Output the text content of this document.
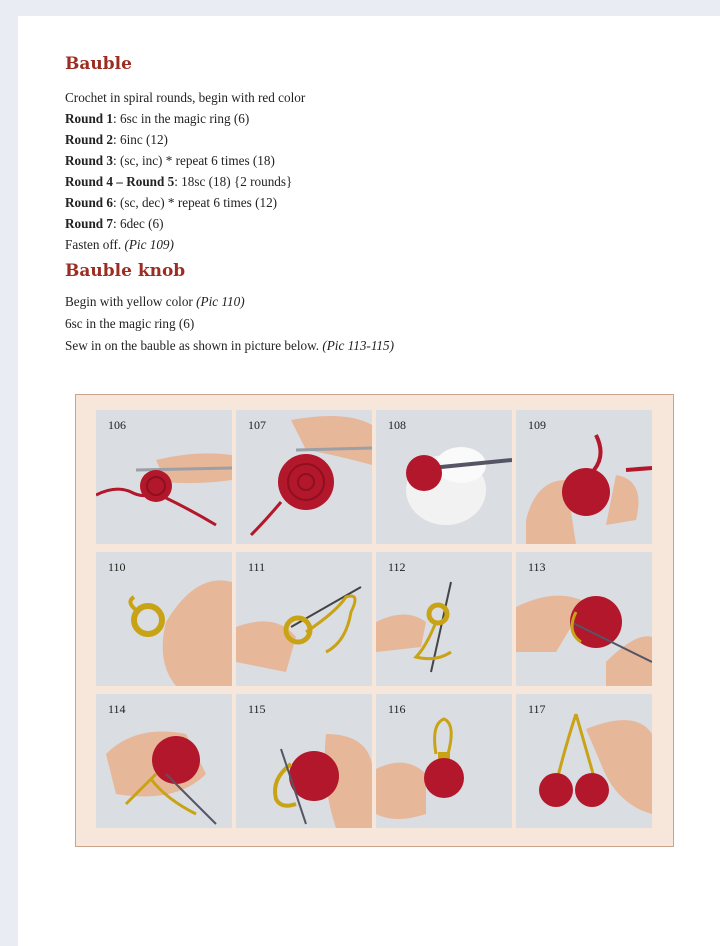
Bauble
Crochet in spiral rounds, begin with red color
Round 1: 6sc in the magic ring (6)
Round 2: 6inc (12)
Round 3: (sc, inc) * repeat 6 times (18)
Round 4 – Round 5: 18sc (18) {2 rounds}
Round 6: (sc, dec) * repeat 6 times (12)
Round 7: 6dec (6)
Fasten off. (Pic 109)
Bauble knob
Begin with yellow color (Pic 110)
6sc in the magic ring (6)
Sew in on the bauble as shown in picture below. (Pic 113-115)
106	107	108	109
110	111	112	113
114	115	116	117
